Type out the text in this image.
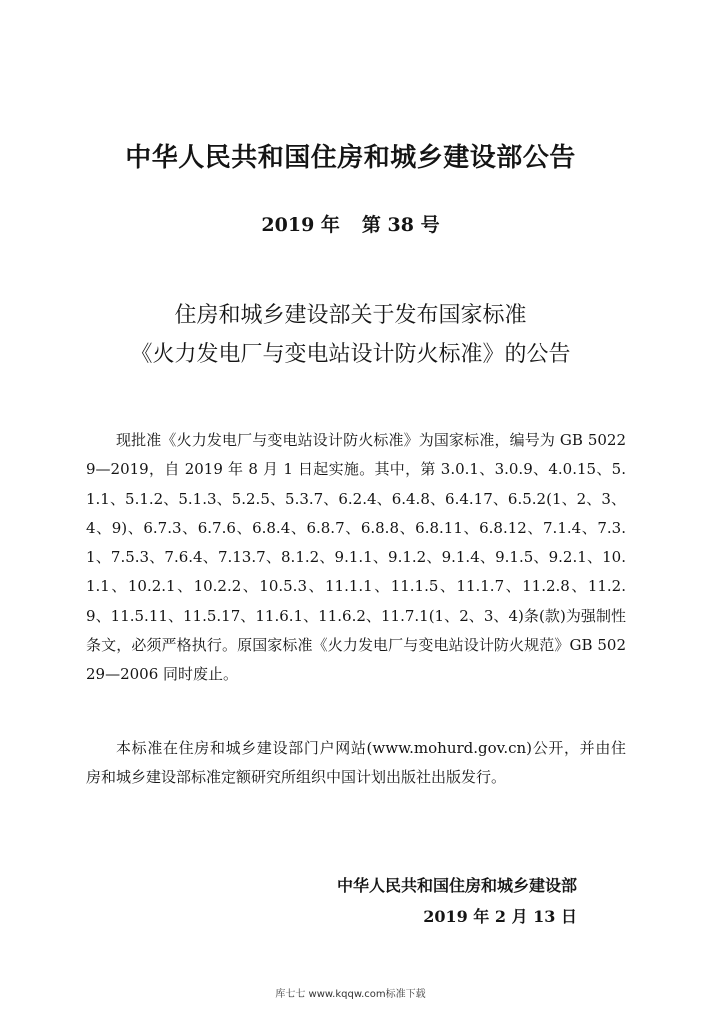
中华人民共和国住房和城乡建设部公告
2019 年 第 38 号
住房和城乡建设部关于发布国家标准
《火力发电厂与变电站设计防火标准》的公告

现批准《火力发电厂与变电站设计防火标准》为国家标准，编号为 GB 50229—2019，自 2019 年 8 月 1 日起实施。其中，第 3.0.1、3.0.9、4.0.15、5.1.1、5.1.2、5.1.3、5.2.5、5.3.7、6.2.4、6.4.8、6.4.17、6.5.2(1、2、3、4、9)、6.7.3、6.7.6、6.8.4、6.8.7、6.8.8、6.8.11、6.8.12、7.1.4、7.3.1、7.5.3、7.6.4、7.13.7、8.1.2、9.1.1、9.1.2、9.1.4、9.1.5、9.2.1、10.1.1、10.2.1、10.2.2、10.5.3、11.1.1、11.1.5、11.1.7、11.2.8、11.2.9、11.5.11、11.5.17、11.6.1、11.6.2、11.7.1(1、2、3、4)条(款)为强制性条文，必须严格执行。原国家标准《火力发电厂与变电站设计防火规范》GB 50229—2006 同时废止。

本标准在住房和城乡建设部门户网站(www.mohurd.gov.cn)公开，并由住房和城乡建设部标准定额研究所组织中国计划出版社出版发行。

中华人民共和国住房和城乡建设部
2019 年 2 月 13 日
库七七 www.kqqw.com标准下载
